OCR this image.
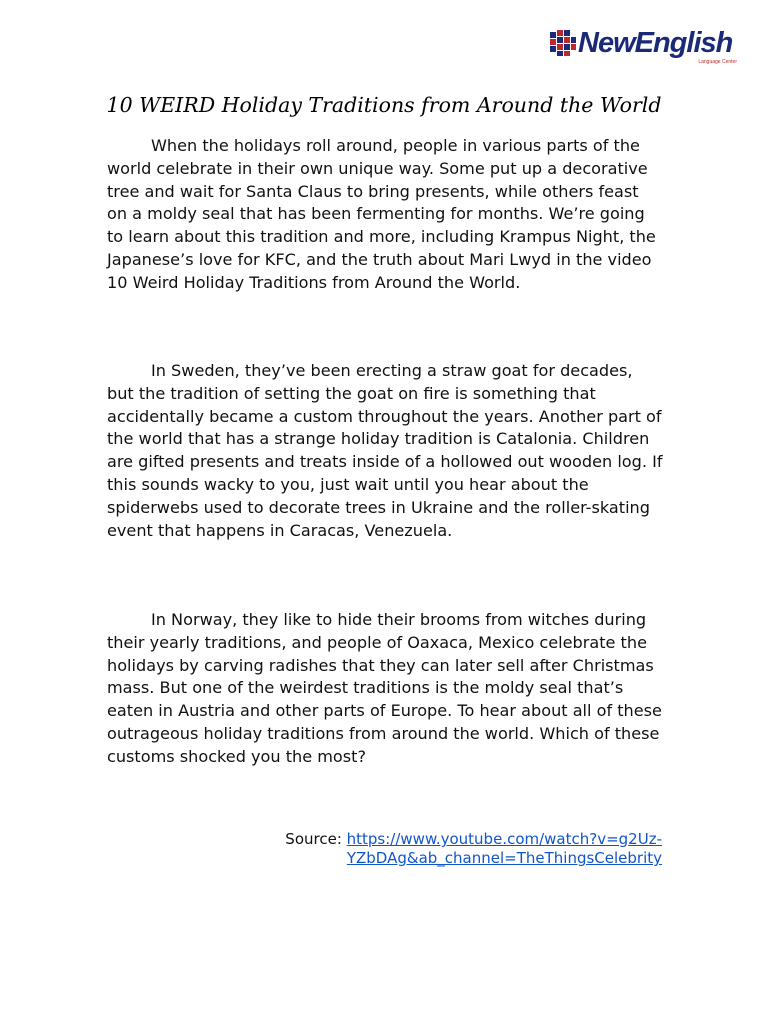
NewEnglish
Language Center
10 WEIRD Holiday Traditions from Around the World

When the holidays roll around, people in various parts of the world celebrate in their own unique way. Some put up a decorative tree and wait for Santa Claus to bring presents, while others feast on a moldy seal that has been fermenting for months. We’re going to learn about this tradition and more, including Krampus Night, the Japanese’s love for KFC, and the truth about Mari Lwyd in the video 10 Weird Holiday Traditions from Around the World.

In Sweden, they’ve been erecting a straw goat for decades, but the tradition of setting the goat on fire is something that accidentally became a custom throughout the years. Another part of the world that has a strange holiday tradition is Catalonia. Children are gifted presents and treats inside of a hollowed out wooden log. If this sounds wacky to you, just wait until you hear about the spiderwebs used to decorate trees in Ukraine and the roller-skating event that happens in Caracas, Venezuela.

In Norway, they like to hide their brooms from witches during their yearly traditions, and people of Oaxaca, Mexico celebrate the holidays by carving radishes that they can later sell after Christmas mass. But one of the weirdest traditions is the moldy seal that’s eaten in Austria and other parts of Europe. To hear about all of these outrageous holiday traditions from around the world. Which of these customs shocked you the most?

Source: https://www.youtube.com/watch?v=g2Uz-
YZbDAg&ab_channel=TheThingsCelebrity
